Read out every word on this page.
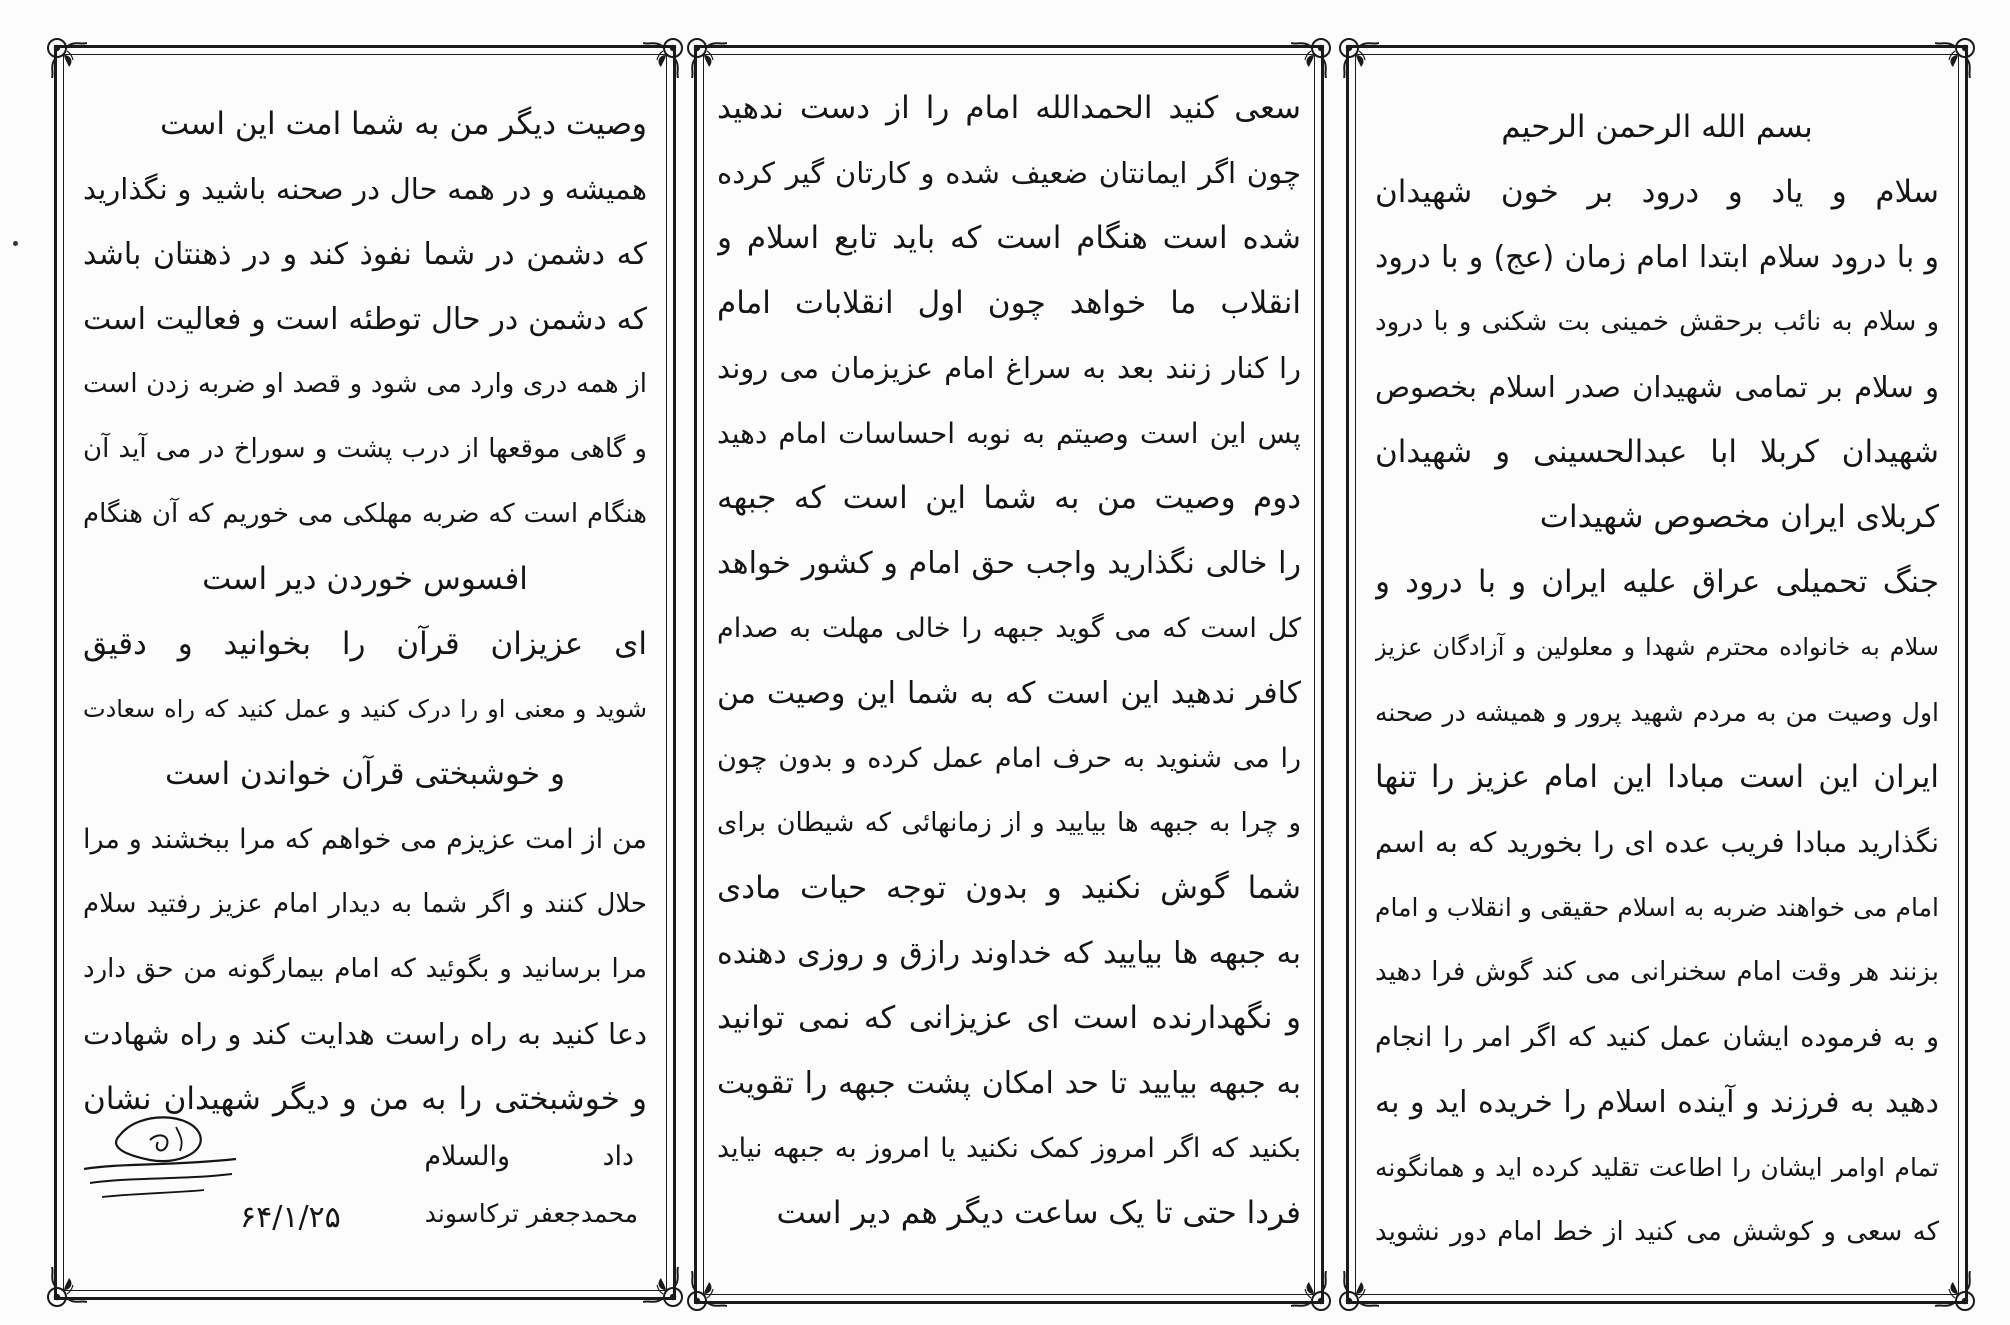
بسم الله الرحمن الرحیم
سلام و یاد و درود بر خون شهیدان
و با درود سلام ابتدا امام زمان (عج) و با درود
و سلام به نائب برحقش خمینی بت شکنی و با درود
و سلام بر تمامی شهیدان صدر اسلام بخصوص
شهیدان کربلا ابا عبدالحسینی و شهیدان
کربلای ایران مخصوص شهیدات
جنگ تحمیلی عراق علیه ایران و با درود و
سلام به خانواده محترم شهدا و معلولین و آزادگان عزیز
اول وصیت من به مردم شهید پرور و همیشه در صحنه
ایران این است مبادا این امام عزیز را تنها
نگذارید مبادا فریب عده ای را بخورید که به اسم
امام می خواهند ضربه به اسلام حقیقی و انقلاب و امام
بزنند هر وقت امام سخنرانی می کند گوش فرا دهید
و به فرموده ایشان عمل کنید که اگر امر را انجام
دهید به فرزند و آینده اسلام را خریده اید و به
تمام اوامر ایشان را اطاعت تقلید کرده اید و همانگونه
که سعی و کوشش می کنید از خط امام دور نشوید
سعی کنید الحمدالله امام را از دست ندهید
چون اگر ایمانتان ضعیف شده و کارتان گیر کرده
شده است هنگام است که باید تابع اسلام و
انقلاب ما خواهد چون اول انقلابات امام
را کنار زنند بعد به سراغ امام عزیزمان می روند
پس این است وصیتم به نوبه احساسات امام دهید
دوم وصیت من به شما این است که جبهه
را خالی نگذارید واجب حق امام و کشور خواهد
کل است که می گوید جبهه را خالی مهلت به صدام
کافر ندهید این است که به شما این وصیت من
را می شنوید به حرف امام عمل کرده و بدون چون
و چرا به جبهه ها بیایید و از زمانهائی که شیطان برای
شما گوش نکنید و بدون توجه حیات مادی
به جبهه ها بیایید که خداوند رازق و روزی دهنده
و نگهدارنده است ای عزیزانی که نمی توانید
به جبهه بیایید تا حد امکان پشت جبهه را تقویت
بکنید که اگر امروز کمک نکنید یا امروز به جبهه نیاید
فردا حتی تا یک ساعت دیگر هم دیر است
وصیت دیگر من به شما امت این است
همیشه و در همه حال در صحنه باشید و نگذارید
که دشمن در شما نفوذ کند و در ذهنتان باشد
که دشمن در حال توطئه است و فعالیت است
از همه دری وارد می شود و قصد او ضربه زدن است
و گاهی موقعها از درب پشت و سوراخ در می آید آن
هنگام است که ضربه مهلکی می خوریم که آن هنگام
افسوس خوردن دیر است
ای عزیزان قرآن را بخوانید و دقیق
شوید و معنی او را درک کنید و عمل کنید که راه سعادت
و خوشبختی قرآن خواندن است
من از امت عزیزم می خواهم که مرا ببخشند و مرا
حلال کنند و اگر شما به دیدار امام عزیز رفتید سلام
مرا برسانید و بگوئید که امام بیمارگونه من حق دارد
دعا کنید به راه راست هدایت کند و راه شهادت
و خوشبختی را به من و دیگر شهیدان نشان
داد
والسلام
محمدجعفر ترکاسوند
۶۴/۱/۲۵
